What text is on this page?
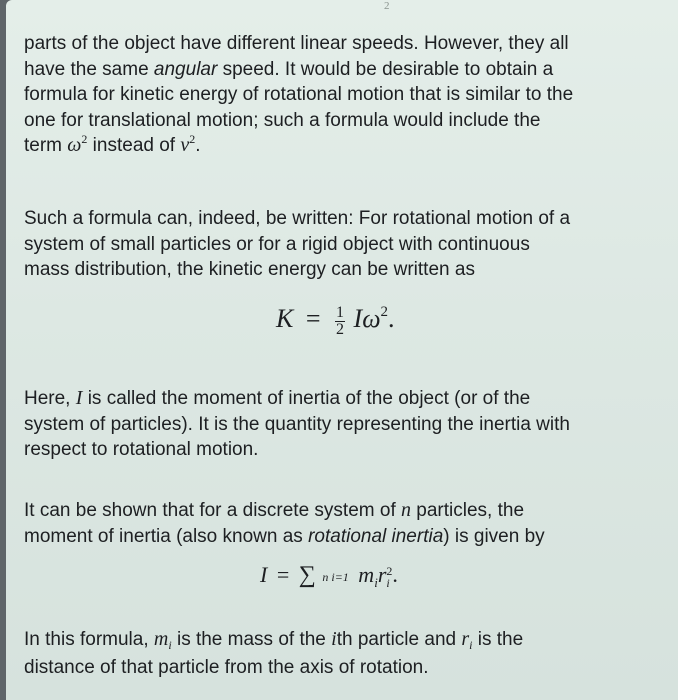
2
parts of the object have different linear speeds. However, they all
have the same angular speed. It would be desirable to obtain a
formula for kinetic energy of rotational motion that is similar to the
one for translational motion; such a formula would include the
term $\omega^2$ instead of $v^2$.
Such a formula can, indeed, be written: For rotational motion of a
system of small particles or for a rigid object with continuous
mass distribution, the kinetic energy can be written as
$K = \frac{1}{2} I\omega^2$.
Here, I is called the moment of inertia of the object (or of the
system of particles). It is the quantity representing the inertia with
respect to rotational motion.
It can be shown that for a discrete system of n particles, the
moment of inertia (also known as rotational inertia) is given by
I = ∑ n i=1 $m_ir$ 2
i .
In this formula, $m_i$ is the mass of the ith particle and $r_i$ is the
distance of that particle from the axis of rotation.
